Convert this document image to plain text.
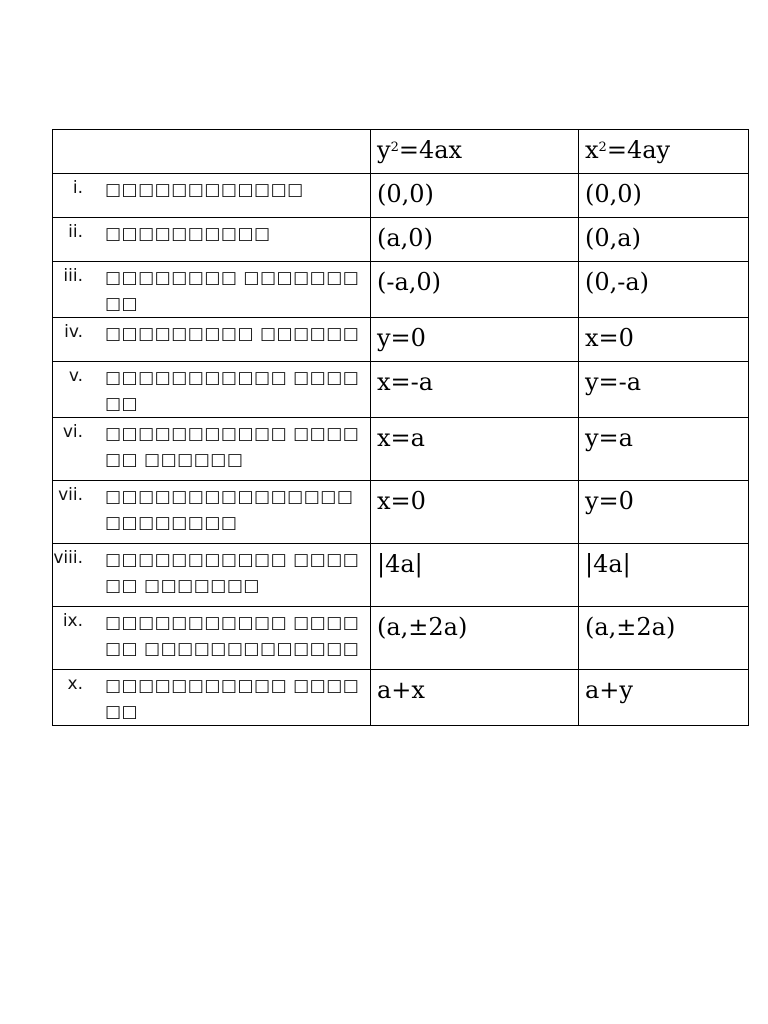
	$y^2=4ax$	$x^2=4ay$

i. □□□□□□□□□□□□	(0,0)	(0,0)

ii. □□□□□□□□□□	(a,0)	(0,a)

iii. □□□□□□□□ □□□□□□□□□	(-a,0)	(0,-a)

iv. □□□□□□□□□ □□□□□□	y=0	x=0

v. □□□□□□□□□□□ □□□□□□	x=-a	y=-a

vi. □□□□□□□□□□□ □□□□□□ □□□□□□	x=a	y=a

vii. □□□□□□□□□□□□□□□ □□□□□□□□	x=0	y=0

viii. □□□□□□□□□□□ □□□□□□ □□□□□□□	|4a|	|4a|

ix. □□□□□□□□□□□ □□□□□□ □□□□□□□□□□□□□	(a,±2a)	(a,±2a)

x. □□□□□□□□□□□ □□□□□□	a+x	a+y
